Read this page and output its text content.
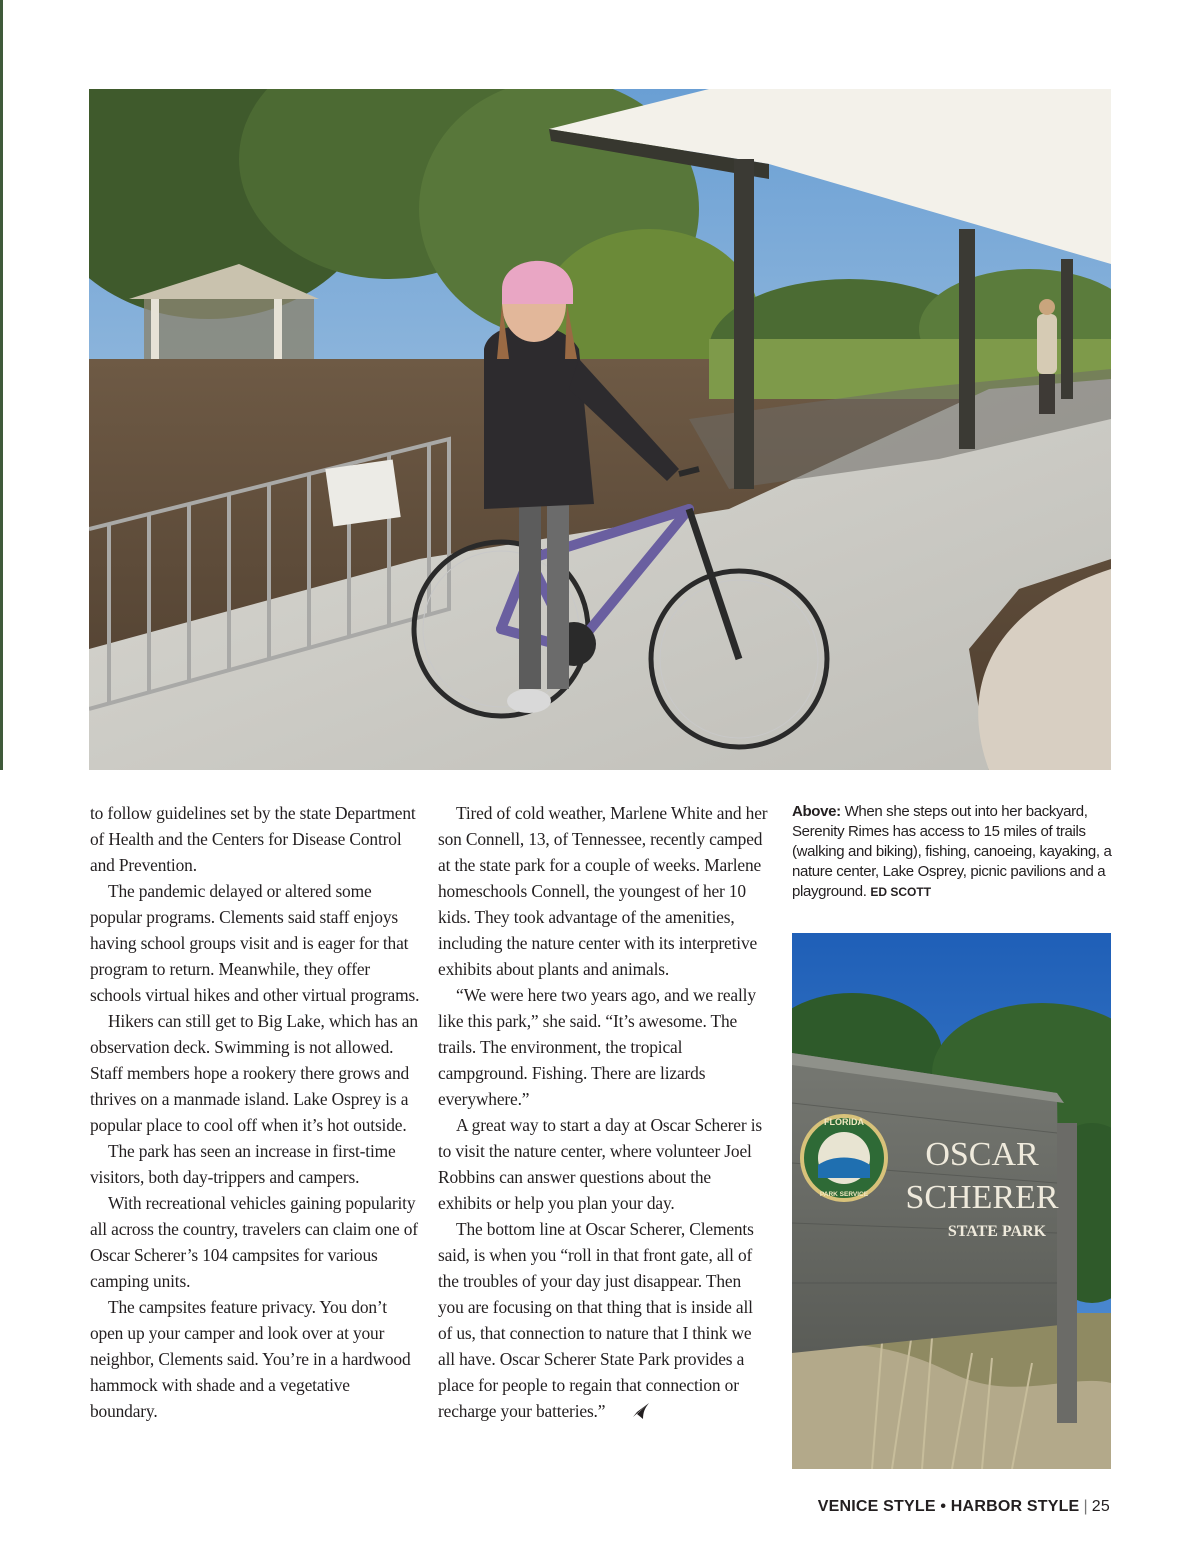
to follow guidelines set by the state Department of Health and the Centers for Disease Control and Prevention.

The pandemic delayed or altered some popular programs. Clements said staff enjoys having school groups visit and is eager for that program to return. Meanwhile, they offer schools virtual hikes and other virtual programs.

Hikers can still get to Big Lake, which has an observation deck. Swimming is not allowed. Staff members hope a rookery there grows and thrives on a manmade island. Lake Osprey is a popular place to cool off when it’s hot outside.

The park has seen an increase in first-time visitors, both day-trippers and campers.

With recreational vehicles gaining popularity all across the country, travelers can claim one of Oscar Scherer’s 104 campsites for various camping units.

The campsites feature privacy. You don’t open up your camper and look over at your neighbor, Clements said. You’re in a hardwood hammock with shade and a vegetative boundary.

Tired of cold weather, Marlene White and her son Connell, 13, of Tennessee, recently camped at the state park for a couple of weeks. Marlene homeschools Connell, the youngest of her 10 kids. They took advantage of the amenities, including the nature center with its interpretive exhibits about plants and animals.

“We were here two years ago, and we really like this park,” she said. “It’s awesome. The trails. The environment, the tropical campground. Fishing. There are lizards everywhere.”

A great way to start a day at Oscar Scherer is to visit the nature center, where volunteer Joel Robbins can answer questions about the exhibits or help you plan your day.

The bottom line at Oscar Scherer, Clements said, is when you “roll in that front gate, all of the troubles of your day just disappear. Then you are focusing on that thing that is inside all of us, that connection to nature that I think we all have. Oscar Scherer State Park provides a place for people to regain that connection or recharge your batteries.”

Above: When she steps out into her backyard, Serenity Rimes has access to 15 miles of trails (walking and biking), fishing, canoeing, kayaking, a nature center, Lake Osprey, picnic pavilions and a playground. ED SCOTT
FLORIDA
PARK SERVICE
OSCAR
SCHERER
STATE PARK
VENICE STYLE • HARBOR STYLE | 25
